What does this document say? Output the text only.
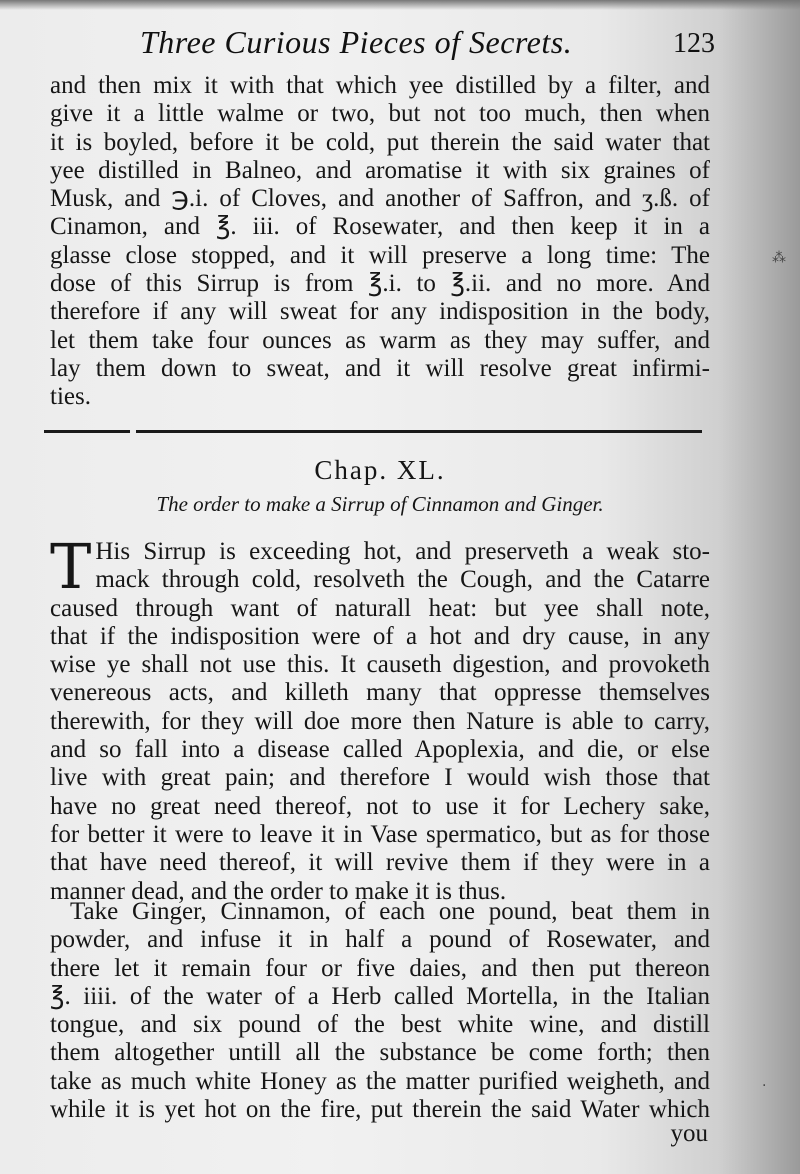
Three Curious Pieces of Secrets.	123
and then mix it with that which yee distilled by a filter, and
give it a little walme or two, but not too much, then when
it is boyled, before it be cold, put therein the said water that
yee distilled in Balneo, and aromatise it with six graines of
Musk, and ℈.i. of Cloves, and another of Saffron, and ʒ.ß. of
Cinamon, and ℥. iii. of Rosewater, and then keep it in a
glasse close stopped, and it will preserve a long time: The
dose of this Sirrup is from ℥.i. to ℥.ii. and no more. And
therefore if any will sweat for any indisposition in the body,
let them take four ounces as warm as they may suffer, and
lay them down to sweat, and it will resolve great infirmi-
ties.
Chap. XL.
The order to make a Sirrup of Cinnamon and Ginger.
T His Sirrup is exceeding hot, and preserveth a weak sto-
mack through cold, resolveth the Cough, and the Catarre
caused through want of naturall heat: but yee shall note,
that if the indisposition were of a hot and dry cause, in any
wise ye shall not use this. It causeth digestion, and provoketh
venereous acts, and killeth many that oppresse themselves
therewith, for they will doe more then Nature is able to carry,
and so fall into a disease called Apoplexia, and die, or else
live with great pain; and therefore I would wish those that
have no great need thereof, not to use it for Lechery sake,
for better it were to leave it in Vase spermatico, but as for those
that have need thereof, it will revive them if they were in a
manner dead, and the order to make it is thus.
Take Ginger, Cinnamon, of each one pound, beat them in
powder, and infuse it in half a pound of Rosewater, and
there let it remain four or five daies, and then put thereon
℥. iiii. of the water of a Herb called Mortella, in the Italian
tongue, and six pound of the best white wine, and distill
them altogether untill all the substance be come forth; then
take as much white Honey as the matter purified weigheth, and
while it is yet hot on the fire, put therein the said Water which
you
⁂
·
